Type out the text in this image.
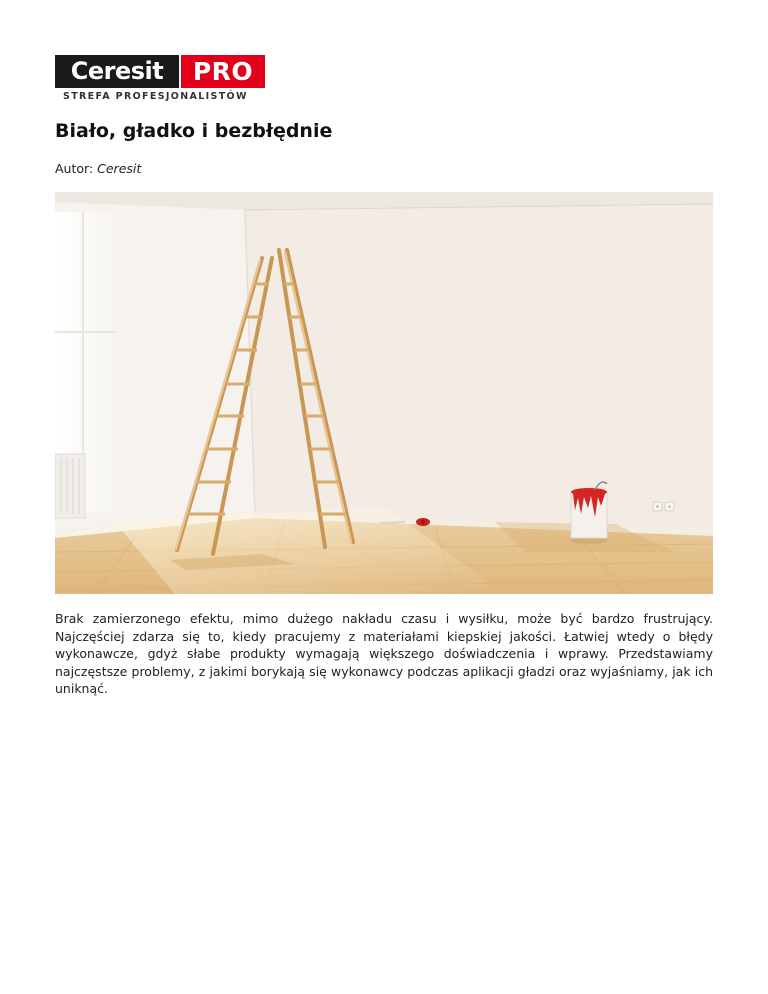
Ceresit	PRO
STREFA PROFESJONALISTÓW
Biało, gładko i bezbłędnie
Autor: Ceresit

Brak zamierzonego efektu, mimo dużego nakładu czasu i wysiłku, może być bardzo frustrujący. Najczęściej zdarza się to, kiedy pracujemy z materiałami kiepskiej jakości. Łatwiej wtedy o błędy wykonawcze, gdyż słabe produkty wymagają większego doświadczenia i wprawy. Przedstawiamy najczęstsze problemy, z jakimi borykają się wykonawcy podczas aplikacji gładzi oraz wyjaśniamy, jak ich uniknąć.
